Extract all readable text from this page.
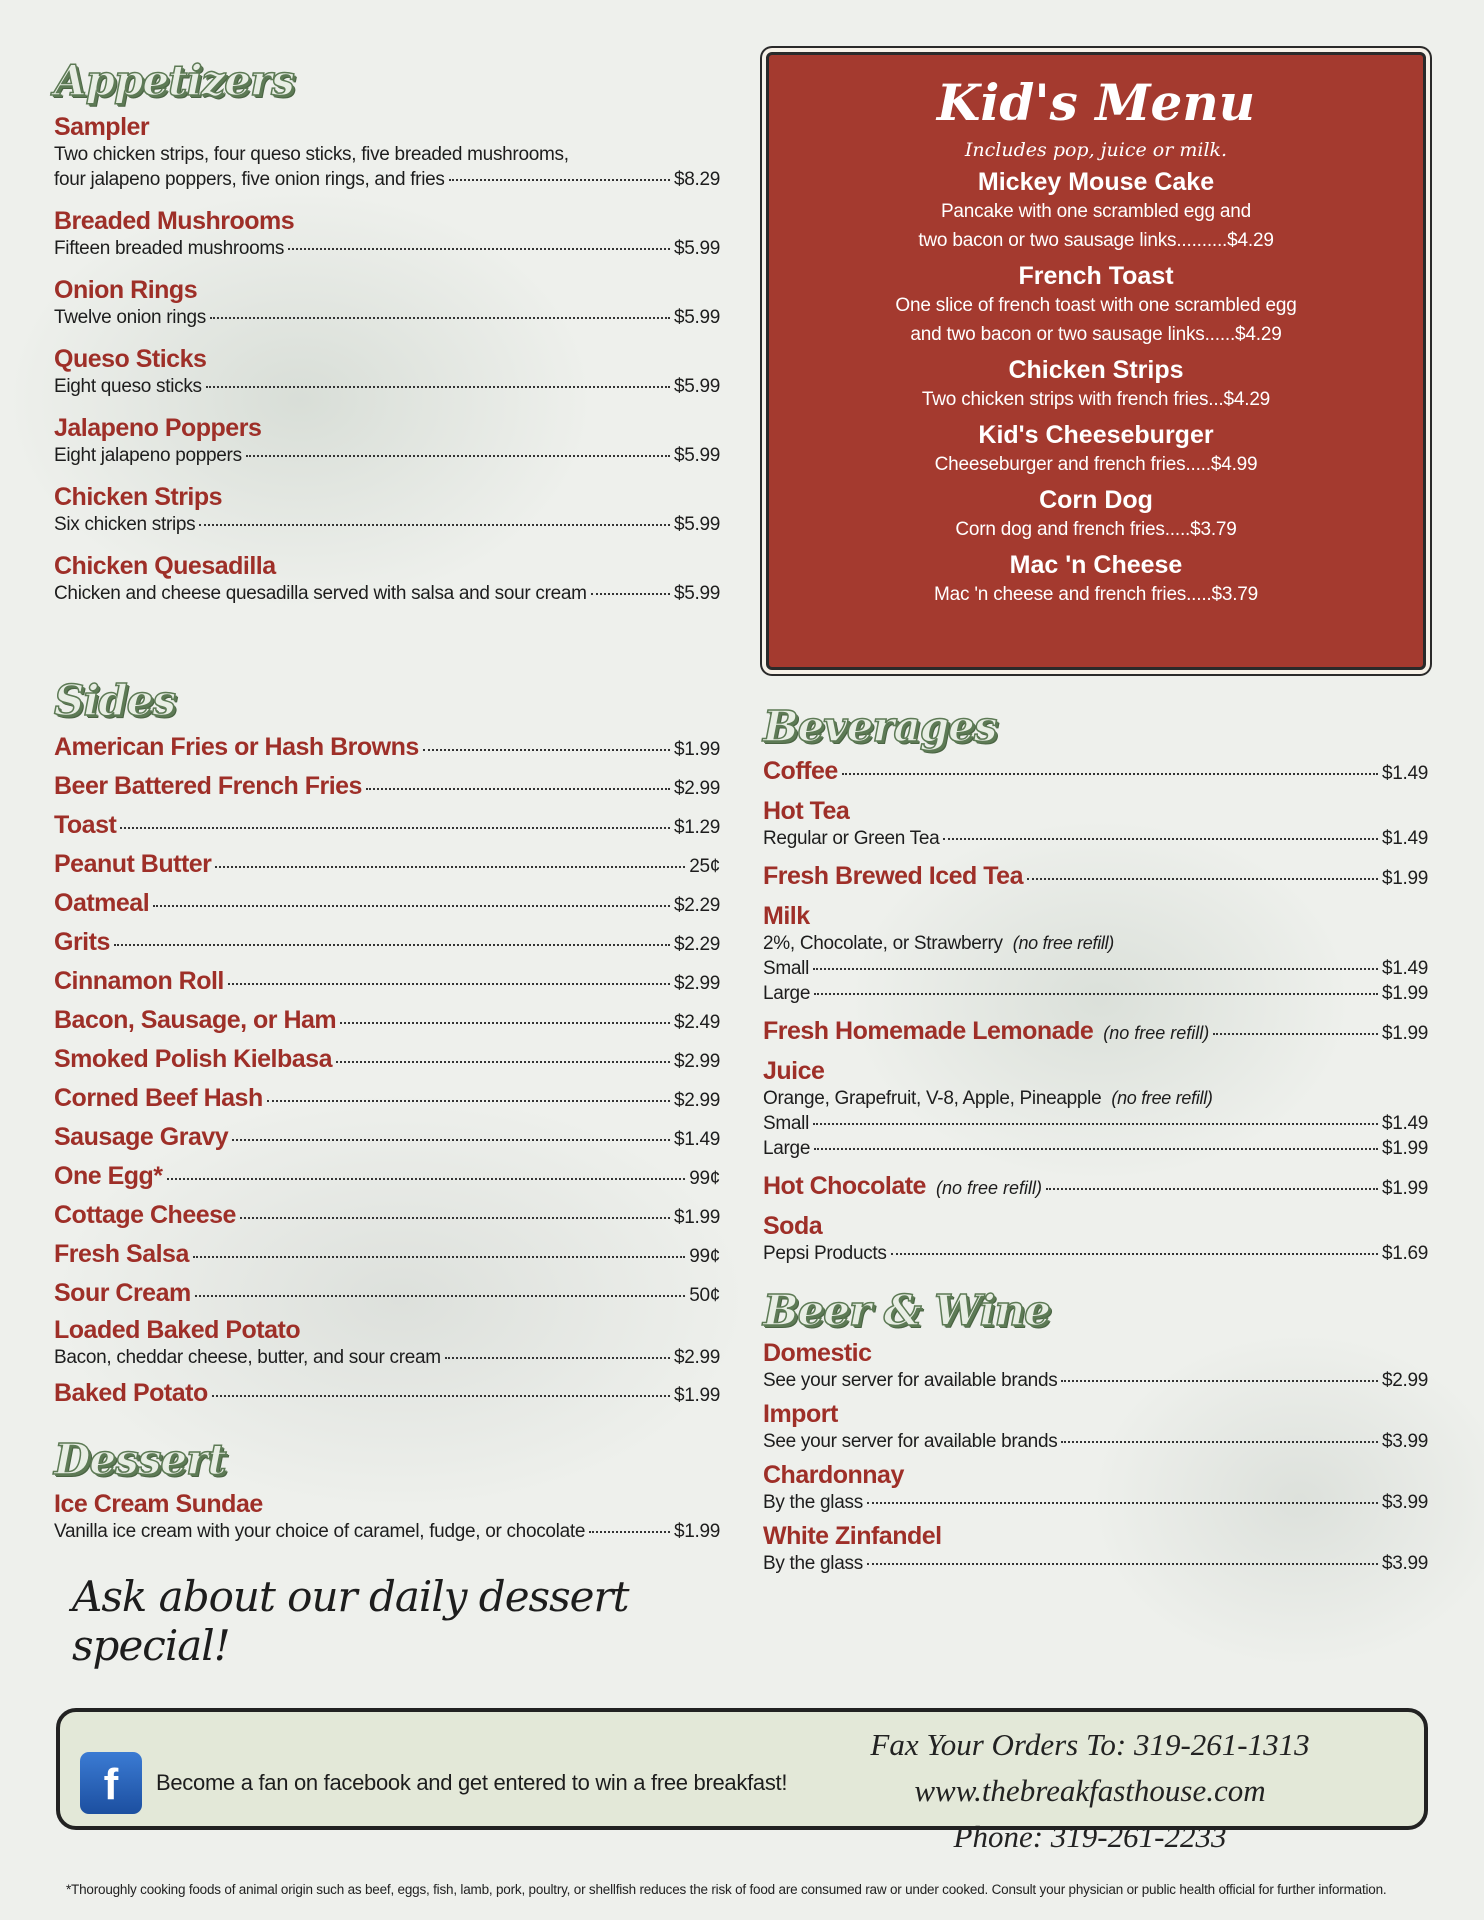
Appetizers
Sampler
Two chicken strips, four queso sticks, five breaded mushrooms,
four jalapeno poppers, five onion rings, and fries	$8.29
Breaded Mushrooms
Fifteen breaded mushrooms	$5.99
Onion Rings
Twelve onion rings	$5.99
Queso Sticks
Eight queso sticks	$5.99
Jalapeno Poppers
Eight jalapeno poppers	$5.99
Chicken Strips
Six chicken strips	$5.99
Chicken Quesadilla
Chicken and cheese quesadilla served with salsa and sour cream	$5.99
Sides
American Fries or Hash Browns	$1.99
Beer Battered French Fries	$2.99
Toast	$1.29
Peanut Butter	25¢
Oatmeal	$2.29
Grits	$2.29
Cinnamon Roll	$2.99
Bacon, Sausage, or Ham	$2.49
Smoked Polish Kielbasa	$2.99
Corned Beef Hash	$2.99
Sausage Gravy	$1.49
One Egg*	99¢
Cottage Cheese	$1.99
Fresh Salsa	99¢
Sour Cream	50¢
Loaded Baked Potato
Bacon, cheddar cheese, butter, and sour cream	$2.99
Baked Potato	$1.99
Dessert
Ice Cream Sundae
Vanilla ice cream with your choice of caramel, fudge, or chocolate	$1.99
Ask about our daily dessert special!
Kid's Menu
Includes pop, juice or milk.
Mickey Mouse Cake
Pancake with one scrambled egg and
two bacon or two sausage links..........$4.29
French Toast
One slice of french toast with one scrambled egg
and two bacon or two sausage links......$4.29
Chicken Strips
Two chicken strips with french fries...$4.29
Kid's Cheeseburger
Cheeseburger and french fries.....$4.99
Corn Dog
Corn dog and french fries.....$3.79
Mac 'n Cheese
Mac 'n cheese and french fries.....$3.79
Beverages
Coffee	$1.49
Hot Tea
Regular or Green Tea	$1.49
Fresh Brewed Iced Tea	$1.99
Milk
2%, Chocolate, or Strawberry (no free refill)
Small	$1.49
Large	$1.99
Fresh Homemade Lemonade (no free refill)	$1.99
Juice
Orange, Grapefruit, V-8, Apple, Pineapple (no free refill)
Small	$1.49
Large	$1.99
Hot Chocolate (no free refill)	$1.99
Soda
Pepsi Products	$1.69
Beer & Wine
Domestic
See your server for available brands	$2.99
Import
See your server for available brands	$3.99
Chardonnay
By the glass	$3.99
White Zinfandel
By the glass	$3.99
f	Become a fan on facebook and get entered to win a free breakfast!
Fax Your Orders To: 319-261-1313
www.thebreakfasthouse.com
Phone: 319-261-2233
*Thoroughly cooking foods of animal origin such as beef, eggs, fish, lamb, pork, poultry, or shellfish reduces the risk of food are consumed raw or under cooked. Consult your physician or public health official for further information.
